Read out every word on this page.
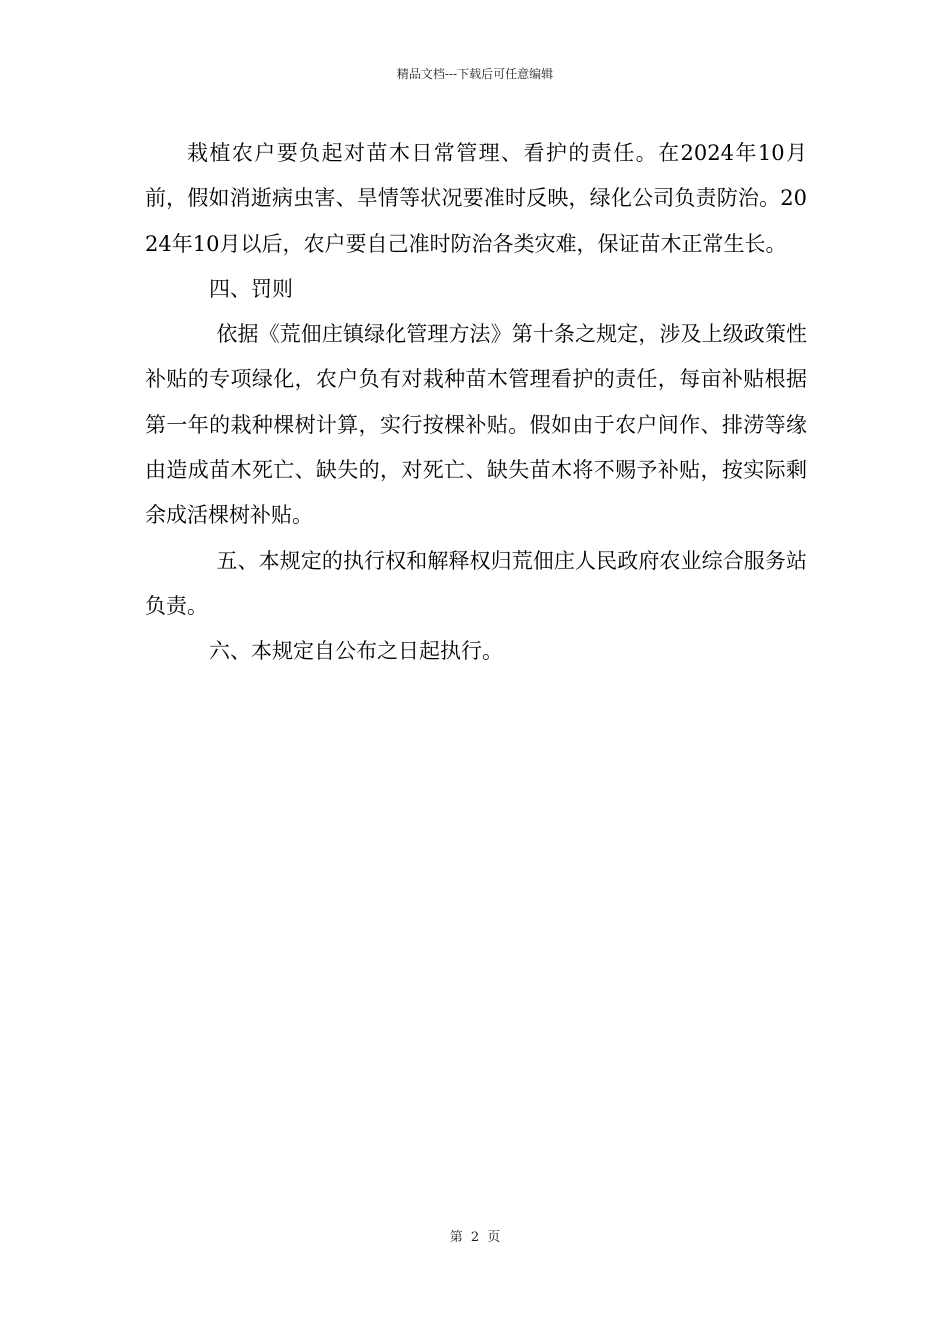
精品文档---下载后可任意编辑

栽植农户要负起对苗木日常管理、看护的责任。在2024年10月前，假如消逝病虫害、旱情等状况要准时反映，绿化公司负责防治。2024年10月以后，农户要自己准时防治各类灾难，保证苗木正常生长。

四、罚则

依据《荒佃庄镇绿化管理方法》第十条之规定，涉及上级政策性补贴的专项绿化，农户负有对栽种苗木管理看护的责任，每亩补贴根据第一年的栽种棵树计算，实行按棵补贴。假如由于农户间作、排涝等缘由造成苗木死亡、缺失的，对死亡、缺失苗木将不赐予补贴，按实际剩余成活棵树补贴。

五、本规定的执行权和解释权归荒佃庄人民政府农业综合服务站负责。

六、本规定自公布之日起执行。

第 2 页
